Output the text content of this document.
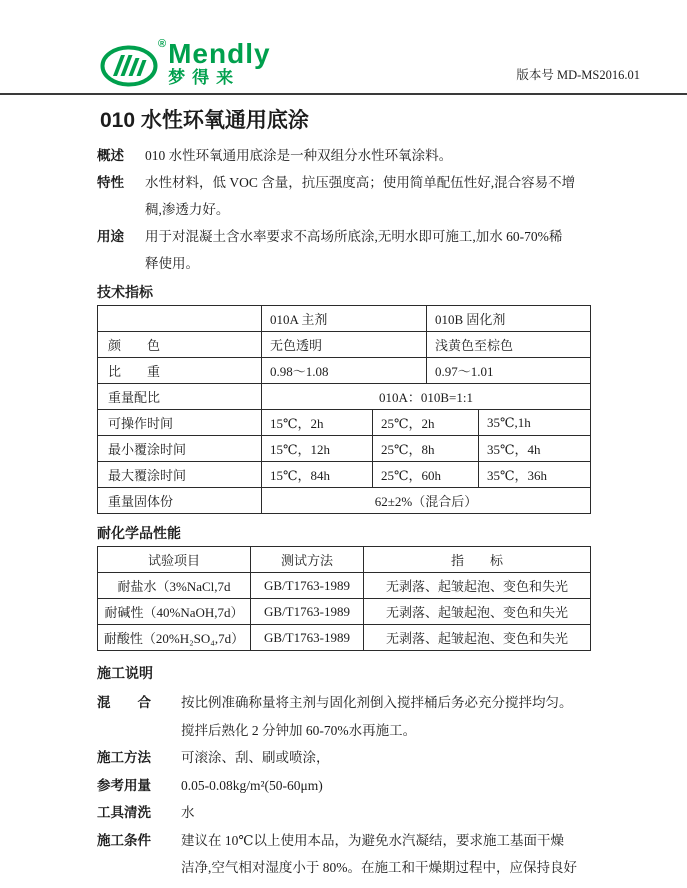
® Mendly
梦得来	版本号 MD-MS2016.01
010 水性环氧通用底涂
概述	010 水性环氧通用底涂是一种双组分水性环氧涂料。
特性	水性材料，低 VOC 含量，抗压强度高；使用简单配伍性好,混合容易不增
稠,渗透力好。
用途	用于对混凝土含水率要求不高场所底涂,无明水即可施工,加水 60-70%稀
释使用。
技术指标
	010A 主剂		010B 固化剂	
颜　　色	无色透明		浅黄色至棕色	
比　　重	0.98～1.08		0.97～1.01	
重量配比	010A：010B=1:1			
可操作时间	15℃，2h	25℃，2h		35℃,1h
最小覆涂时间	15℃，12h	25℃，8h		35℃，4h
最大覆涂时间	15℃，84h	25℃，60h		35℃，36h
重量固体份	62±2%（混合后）			
耐化学品性能
试验项目	测试方法	指　　标
耐盐水（3%NaCl,7d	GB/T1763-1989	无剥落、起皱起泡、变色和失光
耐碱性（40%NaOH,7d）	GB/T1763-1989	无剥落、起皱起泡、变色和失光
耐酸性（20%H₂SO₄,7d）	GB/T1763-1989	无剥落、起皱起泡、变色和失光
施工说明
混　　合	按比例准确称量将主剂与固化剂倒入搅拌桶后务必充分搅拌均匀。
搅拌后熟化 2 分钟加 60-70%水再施工。
施工方法	可滚涂、刮、刷或喷涂，
参考用量	0.05-0.08kg/m²(50-60μm)
工具清洗	水
施工条件	建议在 10℃以上使用本品，为避免水汽凝结，要求施工基面干燥
洁净,空气相对湿度小于 80%。在施工和干燥期过程中，应保持良好
